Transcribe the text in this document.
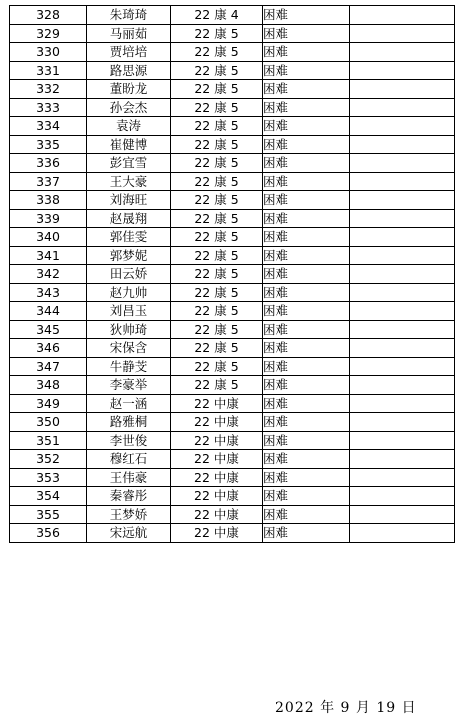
328	朱琦琦	22 康 4	困难	
329	马丽茹	22 康 5	困难	
330	贾培培	22 康 5	困难	
331	路思源	22 康 5	困难	
332	董盼龙	22 康 5	困难	
333	孙会杰	22 康 5	困难	
334	袁涛	22 康 5	困难	
335	崔健博	22 康 5	困难	
336	彭宜雪	22 康 5	困难	
337	王大豪	22 康 5	困难	
338	刘海旺	22 康 5	困难	
339	赵晟翔	22 康 5	困难	
340	郭佳雯	22 康 5	困难	
341	郭梦妮	22 康 5	困难	
342	田云娇	22 康 5	困难	
343	赵九帅	22 康 5	困难	
344	刘昌玉	22 康 5	困难	
345	狄帅琦	22 康 5	困难	
346	宋保含	22 康 5	困难	
347	牛静芠	22 康 5	困难	
348	李豪举	22 康 5	困难	
349	赵一涵	22 中康	困难	
350	路雅桐	22 中康	困难	
351	李世俊	22 中康	困难	
352	穆红石	22 中康	困难	
353	王伟豪	22 中康	困难	
354	秦睿彤	22 中康	困难	
355	王梦娇	22 中康	困难	
356	宋远航	22 中康	困难	
2022 年 9 月 19 日
